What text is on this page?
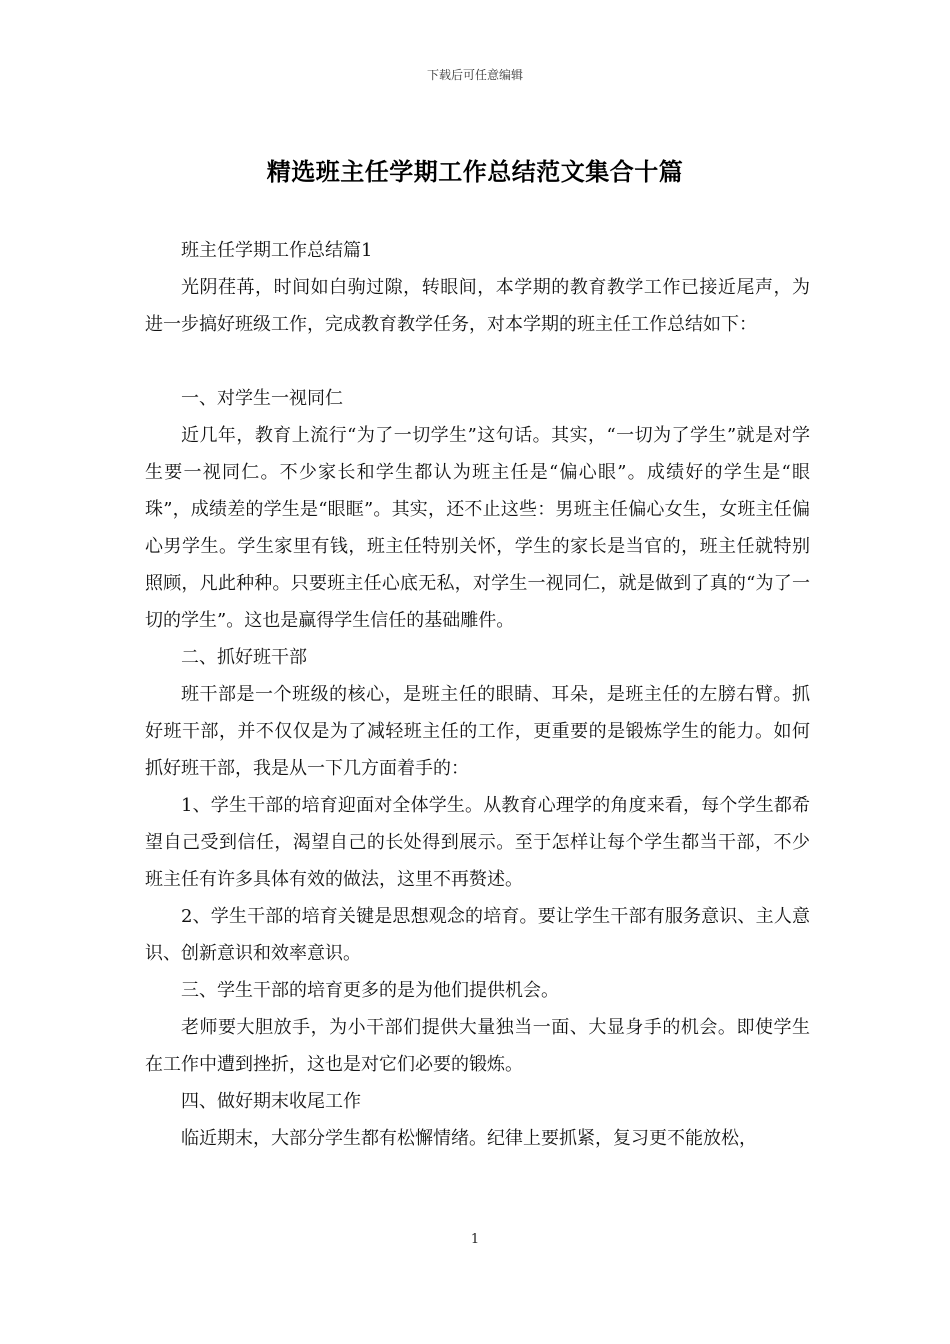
下载后可任意编辑
精选班主任学期工作总结范文集合十篇

班主任学期工作总结篇1

光阴荏苒，时间如白驹过隙，转眼间，本学期的教育教学工作已接近尾声，为进一步搞好班级工作，完成教育教学任务，对本学期的班主任工作总结如下：

一、对学生一视同仁

近几年，教育上流行“为了一切学生”这句话。其实，“一切为了学生”就是对学生要一视同仁。不少家长和学生都认为班主任是“偏心眼”。成绩好的学生是“眼珠”，成绩差的学生是“眼眶”。其实，还不止这些：男班主任偏心女生，女班主任偏心男学生。学生家里有钱，班主任特别关怀，学生的家长是当官的，班主任就特别照顾，凡此种种。只要班主任心底无私，对学生一视同仁，就是做到了真的“为了一切的学生”。这也是赢得学生信任的基础雕件。

二、抓好班干部

班干部是一个班级的核心，是班主任的眼睛、耳朵，是班主任的左膀右臂。抓好班干部，并不仅仅是为了减轻班主任的工作，更重要的是锻炼学生的能力。如何抓好班干部，我是从一下几方面着手的：

1、学生干部的培育迎面对全体学生。从教育心理学的角度来看，每个学生都希望自己受到信任，渴望自己的长处得到展示。至于怎样让每个学生都当干部，不少班主任有许多具体有效的做法，这里不再赘述。

2、学生干部的培育关键是思想观念的培育。要让学生干部有服务意识、主人意识、创新意识和效率意识。

三、学生干部的培育更多的是为他们提供机会。

老师要大胆放手，为小干部们提供大量独当一面、大显身手的机会。即使学生在工作中遭到挫折，这也是对它们必要的锻炼。

四、做好期末收尾工作

临近期末，大部分学生都有松懈情绪。纪律上要抓紧，复习更不能放松，

1
